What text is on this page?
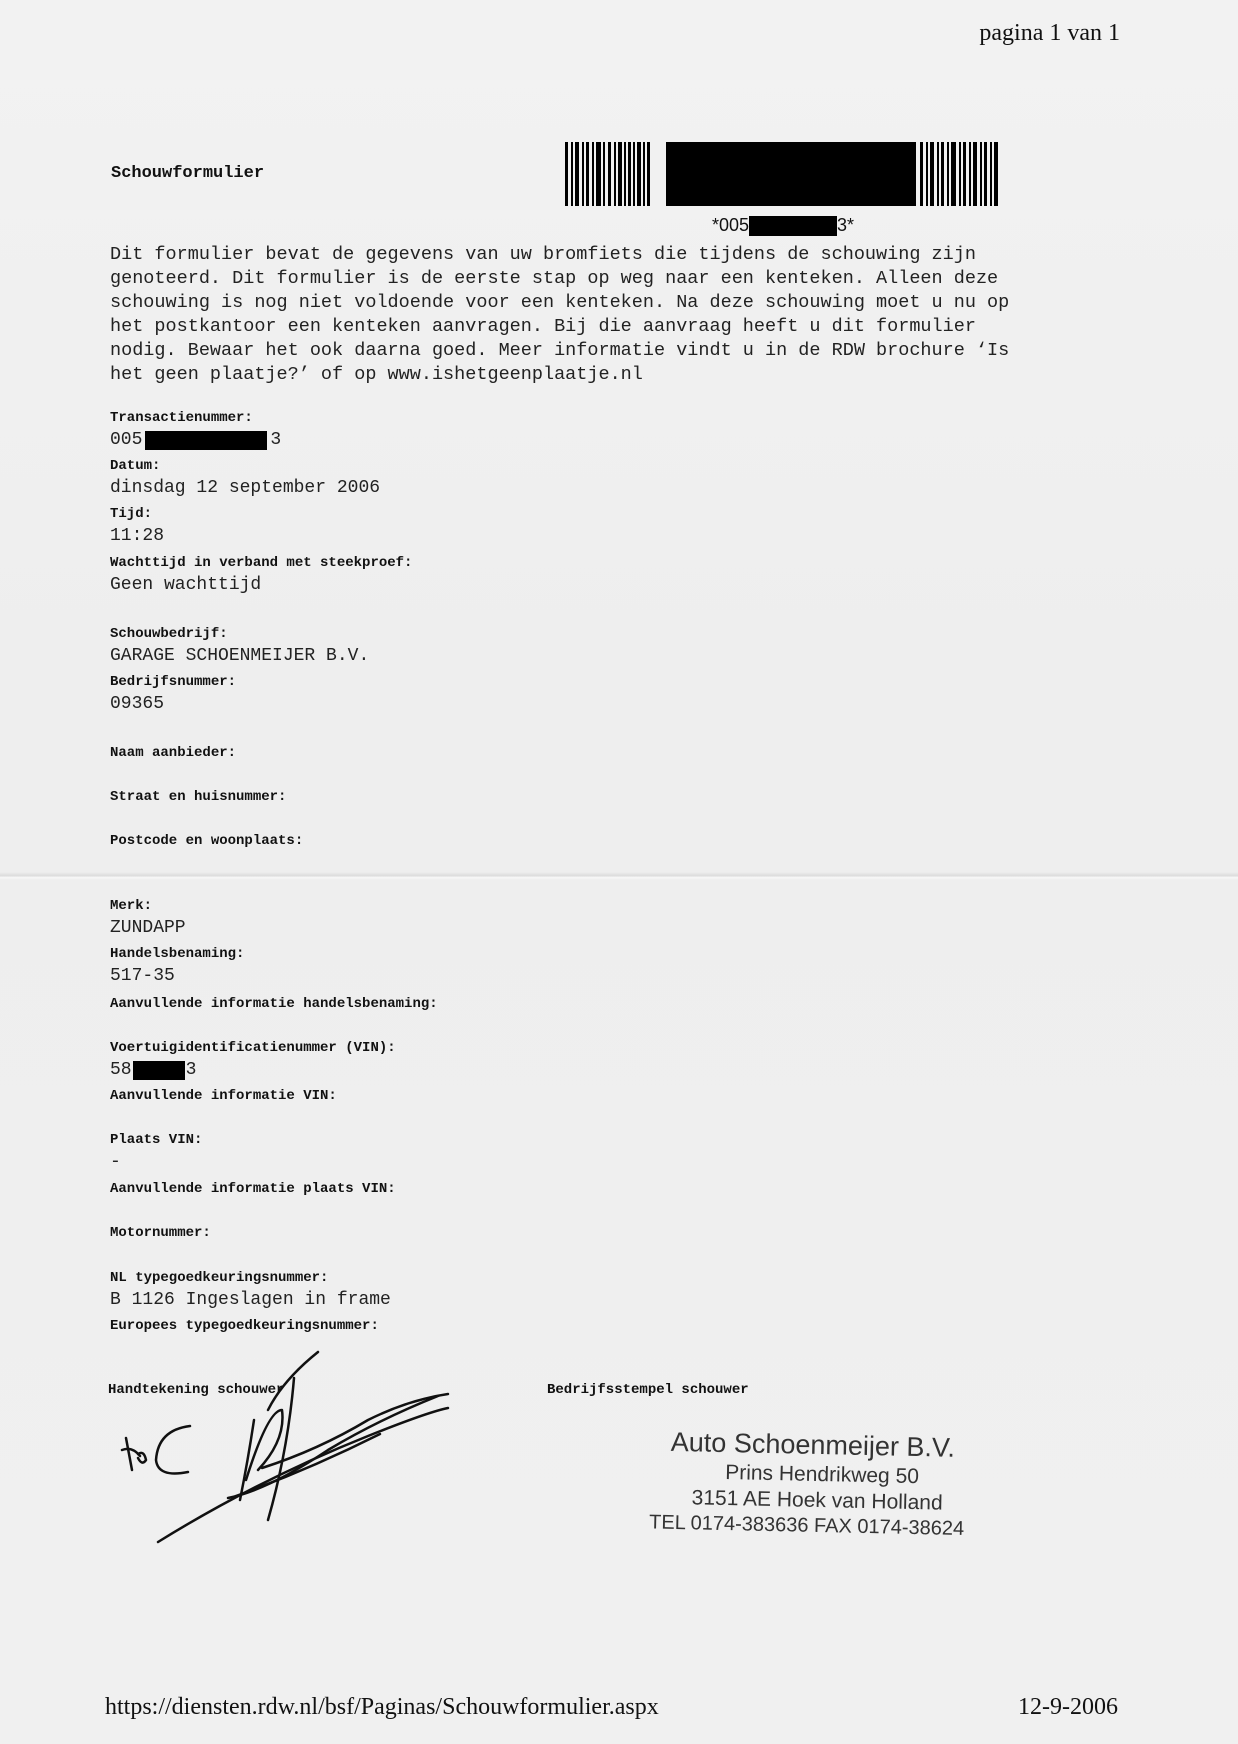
pagina 1 van 1
Schouwformulier
*005	3*
Dit formulier bevat de gegevens van uw bromfiets die tijdens de schouwing zijn
genoteerd. Dit formulier is de eerste stap op weg naar een kenteken. Alleen deze
schouwing is nog niet voldoende voor een kenteken. Na deze schouwing moet u nu op
het postkantoor een kenteken aanvragen. Bij die aanvraag heeft u dit formulier
nodig. Bewaar het ook daarna goed. Meer informatie vindt u in de RDW brochure ‘Is
het geen plaatje?’ of op www.ishetgeenplaatje.nl
Transactienummer:
005	3
Datum:
dinsdag 12 september 2006
Tijd:
11:28
Wachttijd in verband met steekproef:
Geen wachttijd
Schouwbedrijf:
GARAGE SCHOENMEIJER B.V.
Bedrijfsnummer:
09365
Naam aanbieder:
Straat en huisnummer:
Postcode en woonplaats:
Merk:
ZUNDAPP
Handelsbenaming:
517-35
Aanvullende informatie handelsbenaming:
Voertuigidentificatienummer (VIN):
58	3
Aanvullende informatie VIN:
Plaats VIN:
-
Aanvullende informatie plaats VIN:
Motornummer:
NL typegoedkeuringsnummer:
B 1126 Ingeslagen in frame
Europees typegoedkeuringsnummer:
Handtekening schouwer	Bedrijfsstempel schouwer
Auto Schoenmeijer B.V.
Prins Hendrikweg 50
3151 AE Hoek van Holland
TEL 0174-383636 FAX 0174-38624
https://diensten.rdw.nl/bsf/Paginas/Schouwformulier.aspx	12-9-2006
